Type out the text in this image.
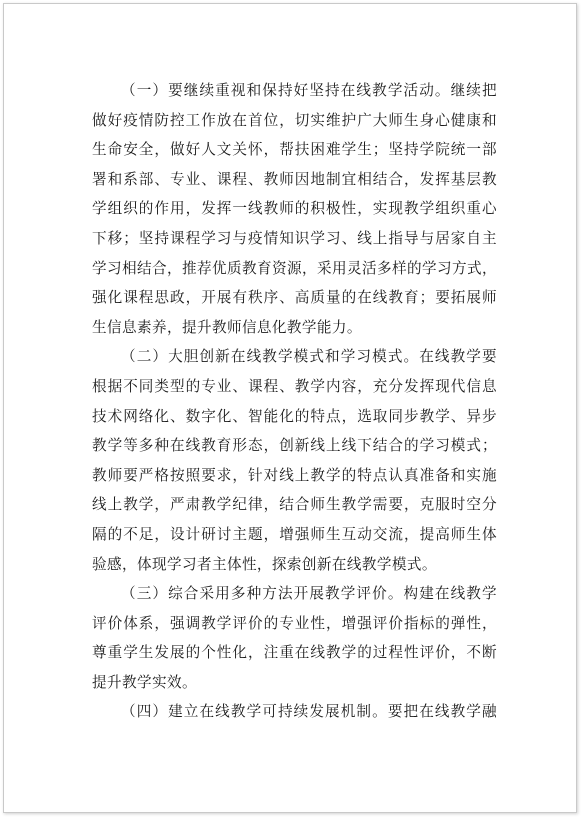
（一）要继续重视和保持好坚持在线教学活动。继续把
做好疫情防控工作放在首位，切实维护广大师生身心健康和
生命安全，做好人文关怀，帮扶困难学生；坚持学院统一部
署和系部、专业、课程、教师因地制宜相结合，发挥基层教
学组织的作用，发挥一线教师的积极性，实现教学组织重心
下移；坚持课程学习与疫情知识学习、线上指导与居家自主
学习相结合，推荐优质教育资源，采用灵活多样的学习方式，
强化课程思政，开展有秩序、高质量的在线教育；要拓展师
生信息素养，提升教师信息化教学能力。
（二）大胆创新在线教学模式和学习模式。在线教学要
根据不同类型的专业、课程、教学内容，充分发挥现代信息
技术网络化、数字化、智能化的特点，选取同步教学、异步
教学等多种在线教育形态，创新线上线下结合的学习模式；
教师要严格按照要求，针对线上教学的特点认真准备和实施
线上教学，严肃教学纪律，结合师生教学需要，克服时空分
隔的不足，设计研讨主题，增强师生互动交流，提高师生体
验感，体现学习者主体性，探索创新在线教学模式。
（三）综合采用多种方法开展教学评价。构建在线教学
评价体系，强调教学评价的专业性，增强评价指标的弹性，
尊重学生发展的个性化，注重在线教学的过程性评价，不断
提升教学实效。
（四）建立在线教学可持续发展机制。要把在线教学融
